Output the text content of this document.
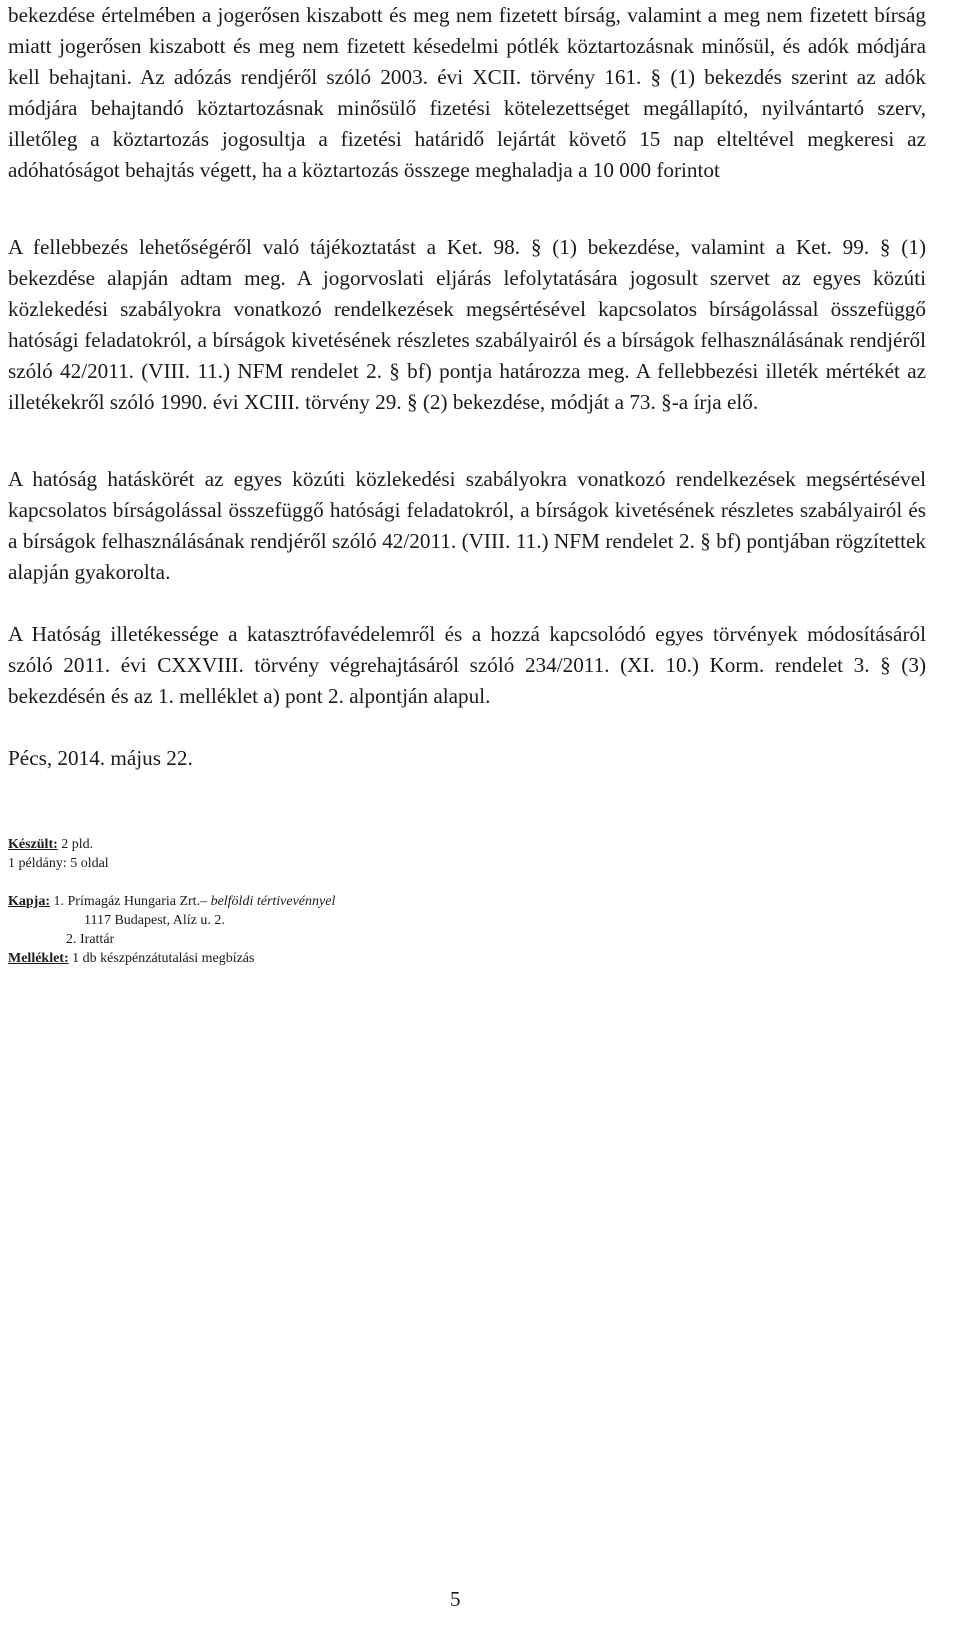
bekezdése értelmében a jogerősen kiszabott és meg nem fizetett bírság, valamint a meg nem fizetett bírság miatt jogerősen kiszabott és meg nem fizetett késedelmi pótlék köztartozásnak minősül, és adók módjára kell behajtani. Az adózás rendjéről szóló 2003. évi XCII. törvény 161. § (1) bekezdés szerint az adók módjára behajtandó köztartozásnak minősülő fizetési kötelezettséget megállapító, nyilvántartó szerv, illetőleg a köztartozás jogosultja a fizetési határidő lejártát követő 15 nap elteltével megkeresi az adóhatóságot behajtás végett, ha a köztartozás összege meghaladja a 10 000 forintot

A fellebbezés lehetőségéről való tájékoztatást a Ket. 98. § (1) bekezdése, valamint a Ket. 99. § (1) bekezdése alapján adtam meg. A jogorvoslati eljárás lefolytatására jogosult szervet az egyes közúti közlekedési szabályokra vonatkozó rendelkezések megsértésével kapcsolatos bírságolással összefüggő hatósági feladatokról, a bírságok kivetésének részletes szabályairól és a bírságok felhasználásának rendjéről szóló 42/2011. (VIII. 11.) NFM rendelet 2. § bf) pontja határozza meg. A fellebbezési illeték mértékét az illetékekről szóló 1990. évi XCIII. törvény 29. § (2) bekezdése, módját a 73. §-a írja elő.

A hatóság hatáskörét az egyes közúti közlekedési szabályokra vonatkozó rendelkezések megsértésével kapcsolatos bírságolással összefüggő hatósági feladatokról, a bírságok kivetésének részletes szabályairól és a bírságok felhasználásának rendjéről szóló 42/2011. (VIII. 11.) NFM rendelet 2. § bf) pontjában rögzítettek alapján gyakorolta.

A Hatóság illetékessége a katasztrófavédelemről és a hozzá kapcsolódó egyes törvények módosításáról szóló 2011. évi CXXVIII. törvény végrehajtásáról szóló 234/2011. (XI. 10.) Korm. rendelet 3. § (3) bekezdésén és az 1. melléklet a) pont 2. alpontján alapul.

Pécs, 2014. május 22.

Készült: 2 pld.
1 példány: 5 oldal
Kapja: 1. Prímagáz Hungaria Zrt.– belföldi tértivevénnyel
1117 Budapest, Alíz u. 2.
2. Irattár
Melléklet: 1 db készpénzátutalási megbízás
5
